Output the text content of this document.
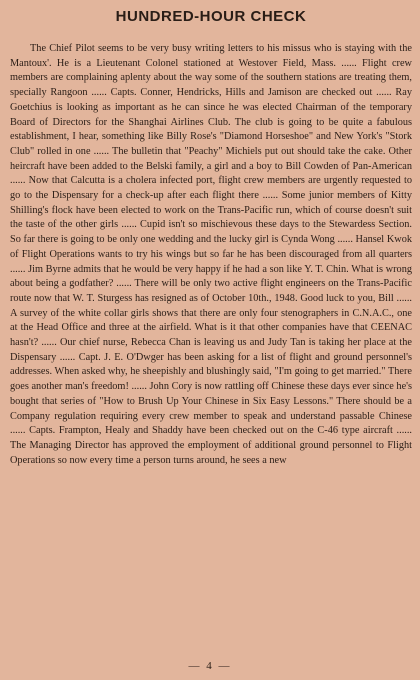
HUNDRED-HOUR CHECK

The Chief Pilot seems to be very busy writing letters to his missus who is staying with the Mantoux'. He is a Lieutenant Colonel stationed at Westover Field, Mass. ...... Flight crew members are complaining aplenty about the way some of the southern stations are treating them, specially Rangoon ...... Capts. Conner, Hendricks, Hills and Jamison are checked out ...... Ray Goetchius is looking as important as he can since he was elected Chairman of the temporary Board of Directors for the Shanghai Airlines Club. The club is going to be quite a fabulous establishment, I hear, something like Billy Rose's "Diamond Horseshoe" and New York's "Stork Club" rolled in one ...... The bulletin that "Peachy" Michiels put out should take the cake. Other heircraft have been added to the Belski family, a girl and a boy to Bill Cowden of Pan-American ...... Now that Calcutta is a cholera infected port, flight crew members are urgently requested to go to the Dispensary for a check-up after each flight there ...... Some junior members of Kitty Shilling's flock have been elected to work on the Trans-Pacific run, which of course doesn't suit the taste of the other girls ...... Cupid isn't so mischievous these days to the Stewardess Section. So far there is going to be only one wedding and the lucky girl is Cynda Wong ...... Hansel Kwok of Flight Operations wants to try his wings but so far he has been discouraged from all quarters ...... Jim Byrne admits that he would be very happy if he had a son like Y. T. Chin. What is wrong about being a godfather? ...... There will be only two active flight engineers on the Trans-Pacific route now that W. T. Sturgess has resigned as of October 10th., 1948. Good luck to you, Bill ...... A survey of the white collar girls shows that there are only four stenographers in C.N.A.C., one at the Head Office and three at the airfield. What is it that other companies have that CEENAC hasn't? ...... Our chief nurse, Rebecca Chan is leaving us and Judy Tan is taking her place at the Dispensary ...... Capt. J. E. O'Dwger has been asking for a list of flight and ground personnel's addresses. When asked why, he sheepishly and blushingly said, "I'm going to get married." There goes another man's freedom! ...... John Cory is now rattling off Chinese these days ever since he's bought that series of "How to Brush Up Your Chinese in Six Easy Lessons." There should be a Company regulation requiring every crew member to speak and understand passable Chinese ...... Capts. Frampton, Healy and Shaddy have been checked out on the C-46 type aircraft ...... The Managing Director has approved the employment of additional ground personnel to Flight Operations so now every time a person turns around, he sees a new

— 4 —
